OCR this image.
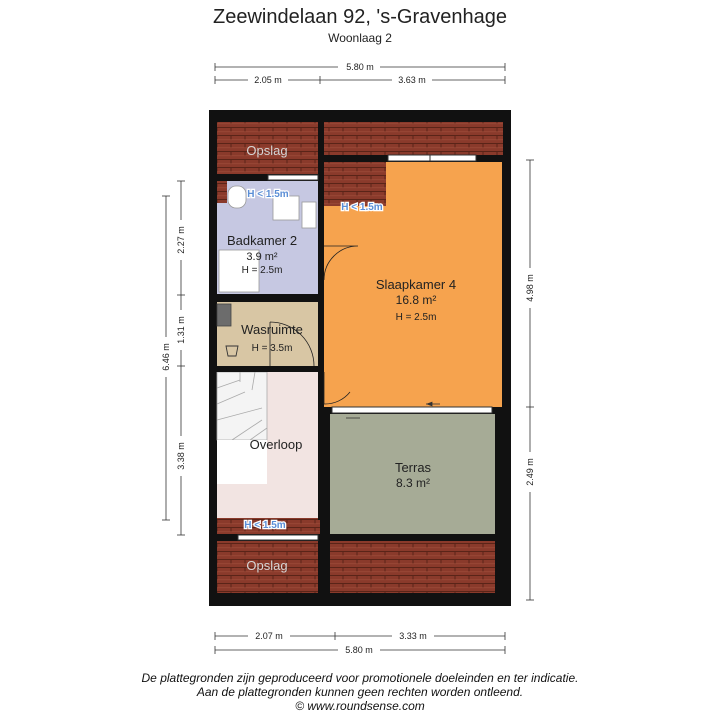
Zeewindelaan 92, 's-Gravenhage
Woonlaag 2
5.80 m
2.05 m	3.63 m
2.07 m	3.33 m
5.80 m
6.46 m
2.27 m
1.31 m
3.38 m
4.98 m
2.49 m
Opslag
Badkamer 2
3.9 m²
H = 2.5m
H < 1.5m
Slaapkamer 4
16.8 m²
H = 2.5m
H < 1.5m
Wasruimte
H = 3.5m
Overloop
H < 1.5m
Terras
8.3 m²
Opslag
De plattegronden zijn geproduceerd voor promotionele doeleinden en ter indicatie.
Aan de plattegronden kunnen geen rechten worden ontleend.
© www.roundsense.com
